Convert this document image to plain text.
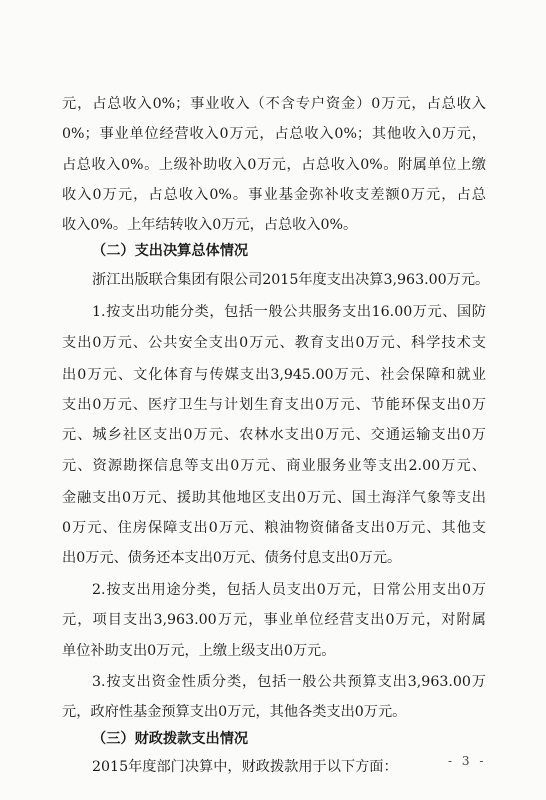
元，占总收入0%；事业收入（不含专户资金）0万元，占总收入
0%；事业单位经营收入0万元，占总收入0%；其他收入0万元，
占总收入0%。上级补助收入0万元，占总收入0%。附属单位上缴
收入0万元，占总收入0%。事业基金弥补收支差额0万元，占总
收入0%。上年结转收入0万元，占总收入0%。
（二）支出决算总体情况
浙江出版联合集团有限公司2015年度支出决算3,963.00万元。
1.按支出功能分类，包括一般公共服务支出16.00万元、国防
支出0万元、公共安全支出0万元、教育支出0万元、科学技术支
出0万元、文化体育与传媒支出3,945.00万元、社会保障和就业
支出0万元、医疗卫生与计划生育支出0万元、节能环保支出0万
元、城乡社区支出0万元、农林水支出0万元、交通运输支出0万
元、资源勘探信息等支出0万元、商业服务业等支出2.00万元、
金融支出0万元、援助其他地区支出0万元、国土海洋气象等支出
0万元、住房保障支出0万元、粮油物资储备支出0万元、其他支
出0万元、债务还本支出0万元、债务付息支出0万元。
2.按支出用途分类，包括人员支出0万元，日常公用支出0万
元，项目支出3,963.00万元，事业单位经营支出0万元，对附属
单位补助支出0万元，上缴上级支出0万元。
3.按支出资金性质分类，包括一般公共预算支出3,963.00万
元，政府性基金预算支出0万元，其他各类支出0万元。
（三）财政拨款支出情况
2015年度部门决算中，财政拨款用于以下方面：	- 3 -
